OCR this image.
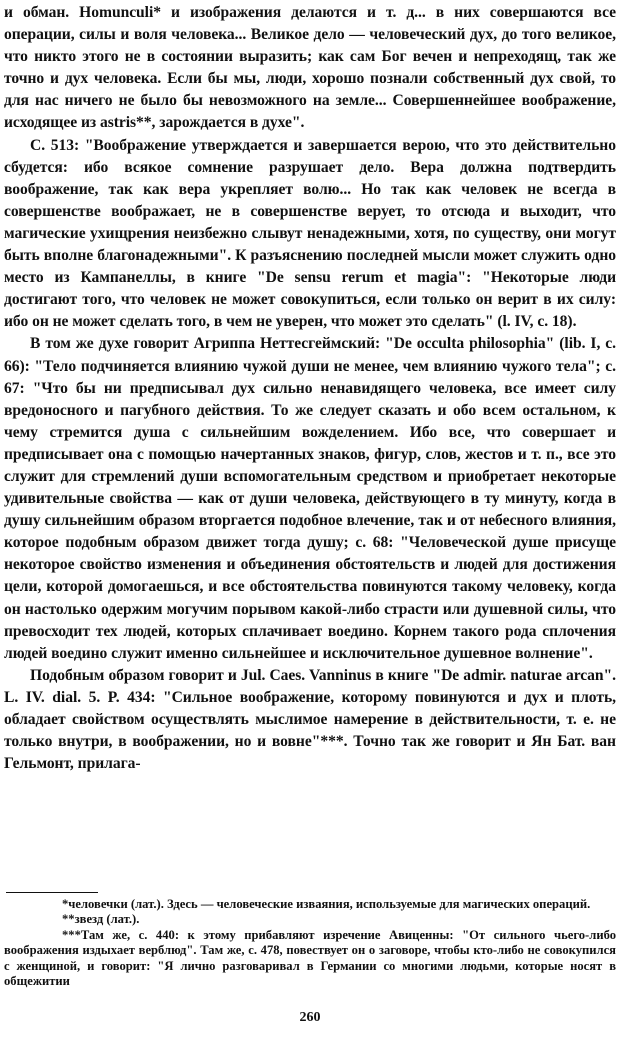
и обман. Homunculi* и изображения делаются и т. д... в них совершаются все операции, силы и воля человека... Великое дело — человеческий дух, до того великое, что никто этого не в состоянии выразить; как сам Бог вечен и непреходящ, так же точно и дух человека. Если бы мы, люди, хорошо познали собственный дух свой, то для нас ничего не было бы невозможного на земле... Совершеннейшее воображение, исходящее из astris**, зарождается в духе".

С. 513: "Воображение утверждается и завершается верою, что это действительно сбудется: ибо всякое сомнение разрушает дело. Вера должна подтвердить воображение, так как вера укрепляет волю... Но так как человек не всегда в совершенстве воображает, не в совершенстве верует, то отсюда и выходит, что магические ухищрения неизбежно слывут ненадежными, хотя, по существу, они могут быть вполне благонадежными". К разъяснению последней мысли может служить одно место из Кампанеллы, в книге "De sensu rerum et magia": "Некоторые люди достигают того, что человек не может совокупиться, если только он верит в их силу: ибо он не может сделать того, в чем не уверен, что может это сделать" (l. IV, с. 18).

В том же духе говорит Агриппа Неттесгеймский: "De occulta philosophia" (lib. I, с. 66): "Тело подчиняется влиянию чужой души не менее, чем влиянию чужого тела"; с. 67: "Что бы ни предписывал дух сильно ненавидящего человека, все имеет силу вредоносного и пагубного действия. То же следует сказать и обо всем остальном, к чему стремится душа с сильнейшим вожделением. Ибо все, что совершает и предписывает она с помощью начертанных знаков, фигур, слов, жестов и т. п., все это служит для стремлений души вспомогательным средством и приобретает некоторые удивительные свойства — как от души человека, действующего в ту минуту, когда в душу сильнейшим образом вторгается подобное влечение, так и от небесного влияния, которое подобным образом движет тогда душу; с. 68: "Человеческой душе присуще некоторое свойство изменения и объединения обстоятельств и людей для достижения цели, которой домогаешься, и все обстоятельства повинуются такому человеку, когда он настолько одержим могучим порывом какой-либо страсти или душевной силы, что превосходит тех людей, которых сплачивает воедино. Корнем такого рода сплочения людей воедино служит именно сильнейшее и исключительное душевное волнение".

Подобным образом говорит и Jul. Caes. Vanninus в книге "De admir. naturae arcan". L. IV. dial. 5. P. 434: "Сильное воображение, которому повинуются и дух и плоть, обладает свойством осуществлять мыслимое намерение в действительности, т. е. не только внутри, в воображении, но и вовне"***. Точно так же говорит и Ян Бат. ван Гельмонт, прилага-

*человечки (лат.). Здесь — человеческие изваяния, используемые для магических операций.

**звезд (лат.).

***Там же, с. 440: к этому прибавляют изречение Авиценны: "От сильного чьего-либо воображения издыхает верблюд". Там же, с. 478, повествует он о заговоре, чтобы кто-либо не совокупился с женщиной, и говорит: "Я лично разговаривал в Германии со многими людьми, которые носят в общежитии

260
